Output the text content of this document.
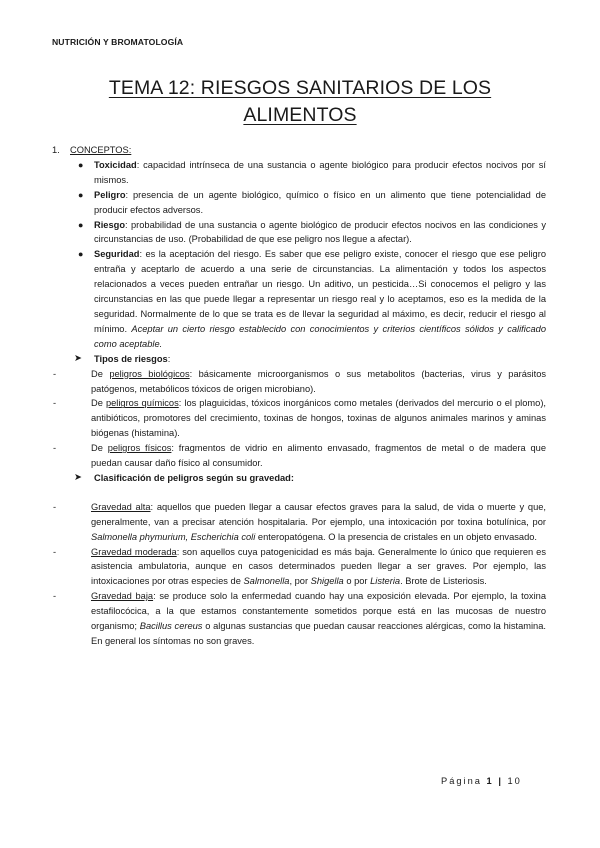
NUTRICIÓN Y BROMATOLOGÍA
TEMA 12: RIESGOS SANITARIOS DE LOS
ALIMENTOS
1. CONCEPTOS:
● Toxicidad: capacidad intrínseca de una sustancia o agente biológico para producir efectos nocivos por sí mismos.
● Peligro: presencia de un agente biológico, químico o físico en un alimento que tiene potencialidad de producir efectos adversos.
● Riesgo: probabilidad de una sustancia o agente biológico de producir efectos nocivos en las condiciones y circunstancias de uso. (Probabilidad de que ese peligro nos llegue a afectar).
● Seguridad: es la aceptación del riesgo. Es saber que ese peligro existe, conocer el riesgo que ese peligro entraña y aceptarlo de acuerdo a una serie de circunstancias. La alimentación y todos los aspectos relacionados a veces pueden entrañar un riesgo. Un aditivo, un pesticida…Si conocemos el peligro y las circunstancias en las que puede llegar a representar un riesgo real y lo aceptamos, eso es la medida de la seguridad. Normalmente de lo que se trata es de llevar la seguridad al máximo, es decir, reducir el riesgo al mínimo. Aceptar un cierto riesgo establecido con conocimientos y criterios científicos sólidos y calificado como aceptable.
➤ Tipos de riesgos:
-	De peligros biológicos: básicamente microorganismos o sus metabolitos (bacterias, virus y parásitos patógenos, metabólicos tóxicos de origen microbiano).
-	De peligros químicos: los plaguicidas, tóxicos inorgánicos como metales (derivados del mercurio o el plomo), antibióticos, promotores del crecimiento, toxinas de hongos, toxinas de algunos animales marinos y aminas biógenas (histamina).
-	De peligros físicos: fragmentos de vidrio en alimento envasado, fragmentos de metal o de madera que puedan causar daño físico al consumidor.
➤ Clasificación de peligros según su gravedad:
-	Gravedad alta: aquellos que pueden llegar a causar efectos graves para la salud, de vida o muerte y que, generalmente, van a precisar atención hospitalaria. Por ejemplo, una intoxicación por toxina botulínica, por Salmonella phymurium, Escherichia coli enteropatógena. O la presencia de cristales en un objeto envasado.
-	Gravedad moderada: son aquellos cuya patogenicidad es más baja. Generalmente lo único que requieren es asistencia ambulatoria, aunque en casos determinados pueden llegar a ser graves. Por ejemplo, las intoxicaciones por otras especies de Salmonella, por Shigella o por Listeria. Brote de Listeriosis.
-	Gravedad baja: se produce solo la enfermedad cuando hay una exposición elevada. Por ejemplo, la toxina estafilocócica, a la que estamos constantemente sometidos porque está en las mucosas de nuestro organismo; Bacillus cereus o algunas sustancias que puedan causar reacciones alérgicas, como la histamina. En general los síntomas no son graves.
Página 1 | 10
